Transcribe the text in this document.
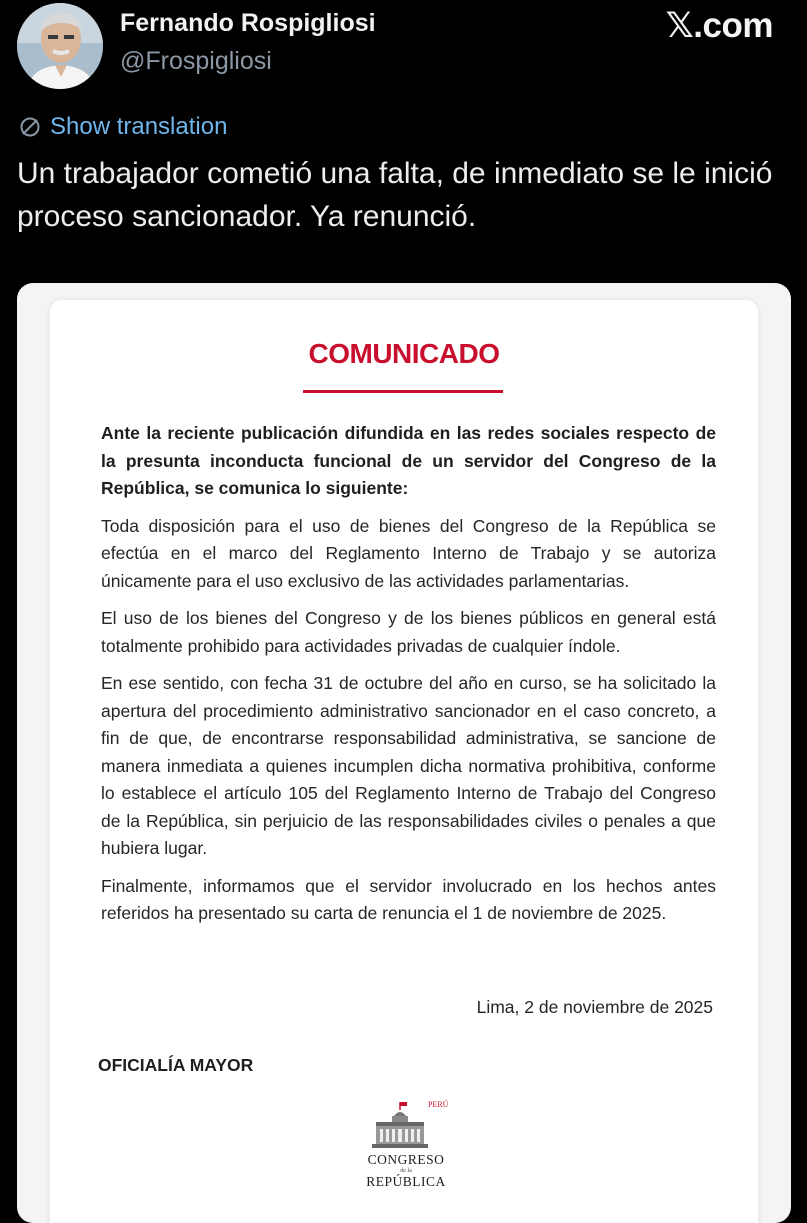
Fernando Rospigliosi
@Frospigliosi
𝕏.com
Show translation
Un trabajador cometió una falta, de inmediato se le inició proceso sancionador. Ya renunció.
COMUNICADO

Ante la reciente publicación difundida en las redes sociales respecto de la presunta inconducta funcional de un servidor del Congreso de la República, se comunica lo siguiente:

Toda disposición para el uso de bienes del Congreso de la República se efectúa en el marco del Reglamento Interno de Trabajo y se autoriza únicamente para el uso exclusivo de las actividades parlamentarias.

El uso de los bienes del Congreso y de los bienes públicos en general está totalmente prohibido para actividades privadas de cualquier índole.

En ese sentido, con fecha 31 de octubre del año en curso, se ha solicitado la apertura del procedimiento administrativo sancionador en el caso concreto, a fin de que, de encontrarse responsabilidad administrativa, se sancione de manera inmediata a quienes incumplen dicha normativa prohibitiva, conforme lo establece el artículo 105 del Reglamento Interno de Trabajo del Congreso de la República, sin perjuicio de las responsabilidades civiles o penales a que hubiera lugar.

Finalmente, informamos que el servidor involucrado en los hechos antes referidos ha presentado su carta de renuncia el 1 de noviembre de 2025.

Lima, 2 de noviembre de 2025
OFICIALÍA MAYOR
PERÚ
CONGRESO
de la
REPÚBLICA
